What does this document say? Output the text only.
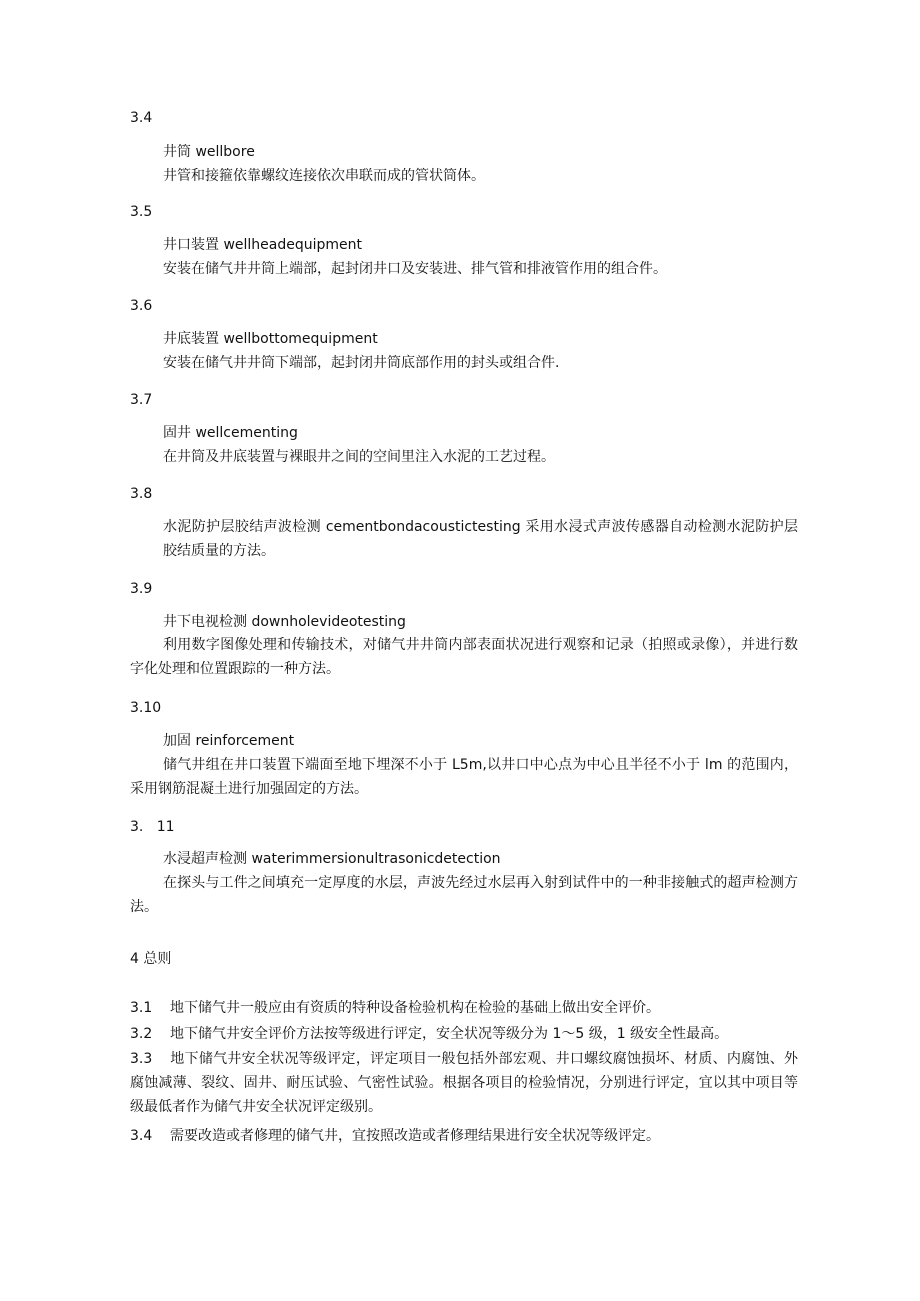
3.4
井筒 wellbore
井管和接箍依靠螺纹连接依次串联而成的管状筒体。
3.5
井口装置 wellheadequipment
安装在储气井井筒上端部，起封闭井口及安装进、排气管和排液管作用的组合件。
3.6
井底装置 wellbottomequipment
安装在储气井井筒下端部，起封闭井筒底部作用的封头或组合件.
3.7
固井 wellcementing
在井筒及井底装置与裸眼井之间的空间里注入水泥的工艺过程。
3.8
水泥防护层胶结声波检测 cementbondacoustictesting 采用水浸式声波传感器自动检测水泥防护层胶结质量的方法。
3.9
井下电视检测 downholevideotesting
利用数字图像处理和传输技术，对储气井井筒内部表面状况进行观察和记录（拍照或录像），并进行数字化处理和位置跟踪的一种方法。
3.10
加固 reinforcement
储气井组在井口装置下端面至地下埋深不小于 L5m,以井口中心点为中心且半径不小于 lm 的范围内，采用钢筋混凝土进行加强固定的方法。
3.   11
水浸超声检测 waterimmersionultrasonicdetection
在探头与工件之间填充一定厚度的水层，声波先经过水层再入射到试件中的一种非接触式的超声检测方法。
4 总则
3.1 地下储气井一般应由有资质的特种设备检验机构在检验的基础上做出安全评价。
3.2 地下储气井安全评价方法按等级进行评定，安全状况等级分为 1～5 级，1 级安全性最高。
3.3 地下储气井安全状况等级评定，评定项目一般包括外部宏观、井口螺纹腐蚀损坏、材质、内腐蚀、外腐蚀减薄、裂纹、固井、耐压试验、气密性试验。根据各项目的检验情况，分别进行评定，宜以其中项目等级最低者作为储气井安全状况评定级别。
3.4 需要改造或者修理的储气井，宜按照改造或者修理结果进行安全状况等级评定。
